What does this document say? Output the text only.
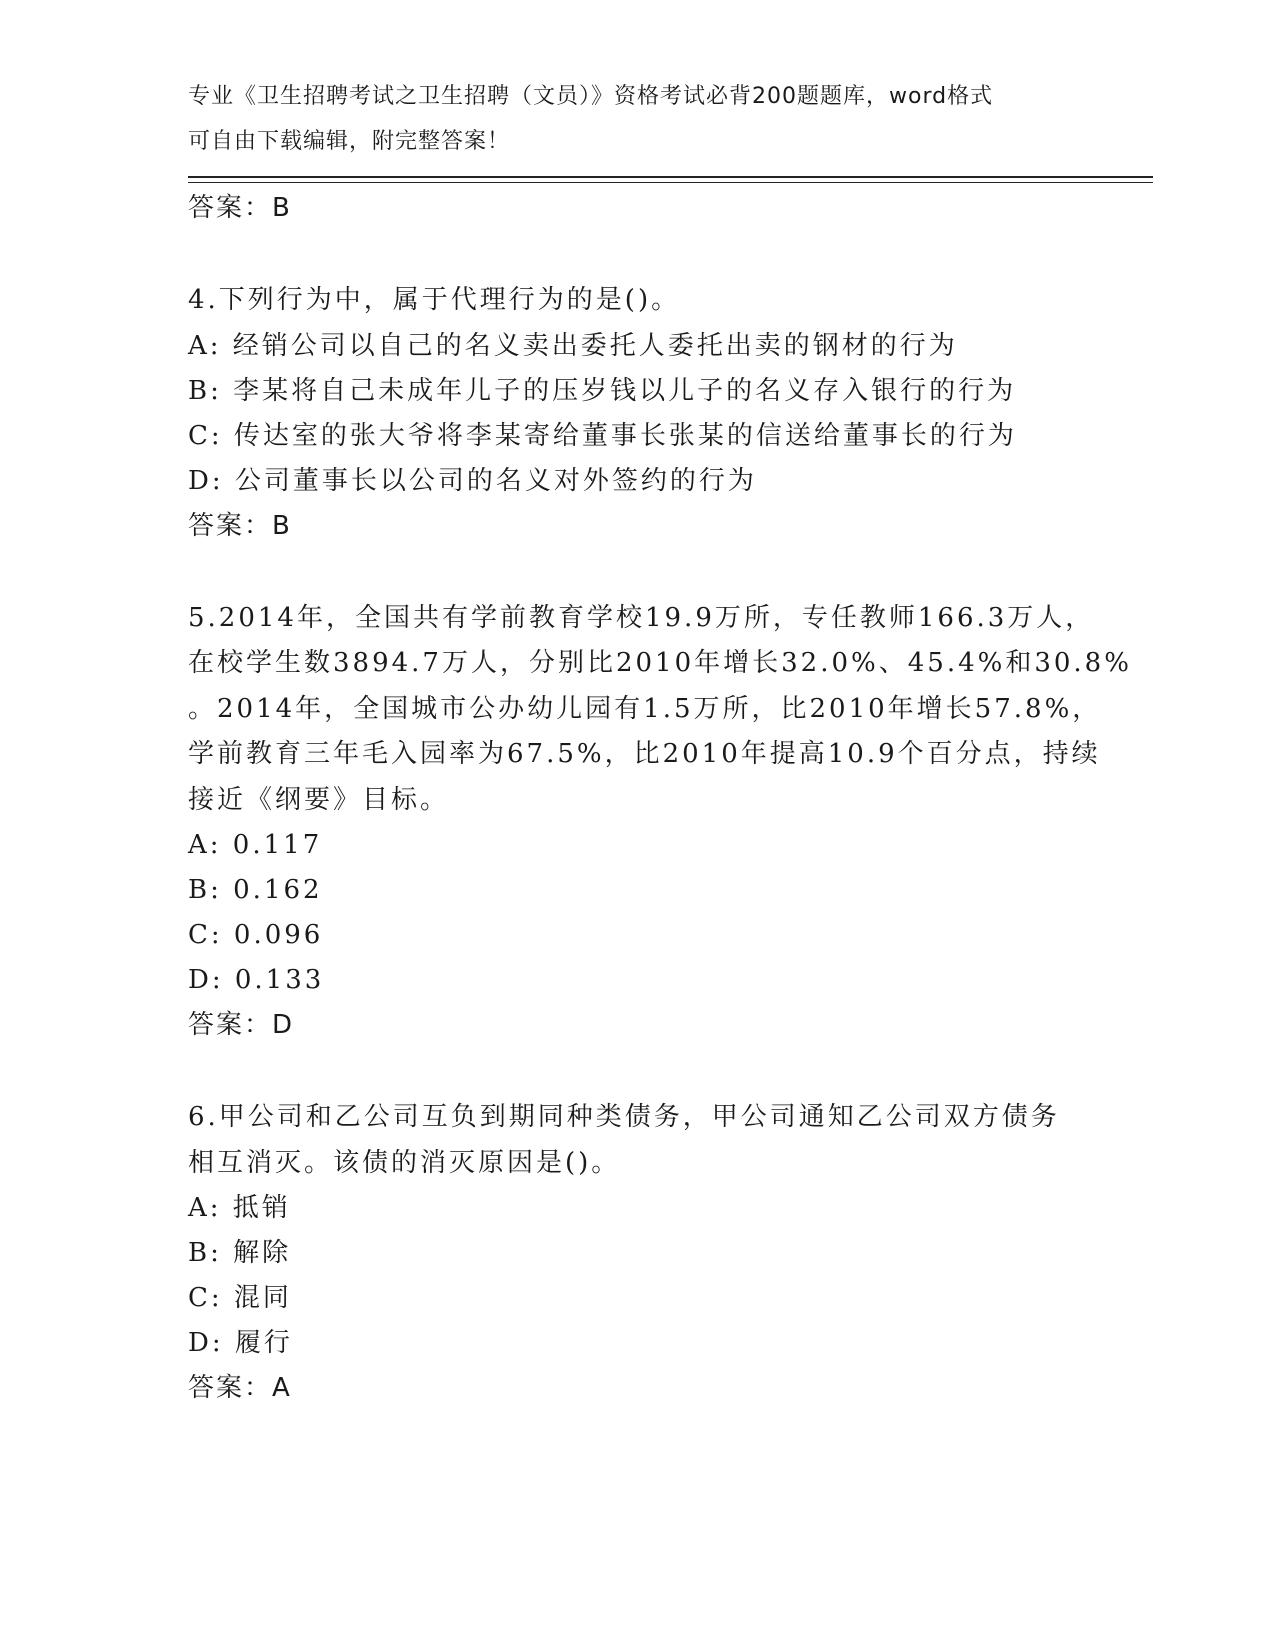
专业《卫生招聘考试之卫生招聘（文员）》资格考试必背200题题库，word格式
可自由下载编辑，附完整答案！
答案：B
4.下列行为中，属于代理行为的是()。
A: 经销公司以自己的名义卖出委托人委托出卖的钢材的行为
B: 李某将自己未成年儿子的压岁钱以儿子的名义存入银行的行为
C: 传达室的张大爷将李某寄给董事长张某的信送给董事长的行为
D: 公司董事长以公司的名义对外签约的行为
答案：B
5.2014年，全国共有学前教育学校19.9万所，专任教师166.3万人，
在校学生数3894.7万人，分别比2010年增长32.0%、45.4%和30.8%
。2014年，全国城市公办幼儿园有1.5万所，比2010年增长57.8%，
学前教育三年毛入园率为67.5%，比2010年提高10.9个百分点，持续
接近《纲要》目标。
A: 0.117
B: 0.162
C: 0.096
D: 0.133
答案：D
6.甲公司和乙公司互负到期同种类债务，甲公司通知乙公司双方债务
相互消灭。该债的消灭原因是()。
A: 抵销
B: 解除
C: 混同
D: 履行
答案：A
